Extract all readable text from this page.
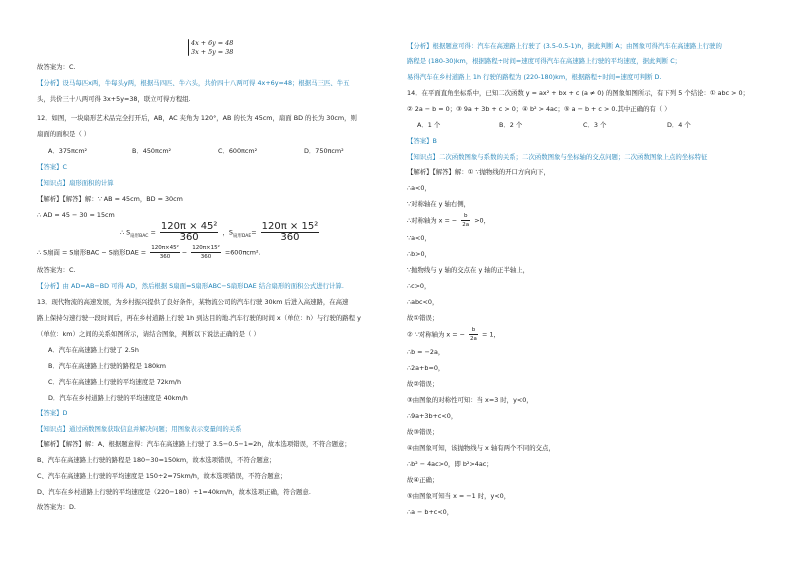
4x + 6y = 48
3x + 5y = 38
故答案为：C.
【分析】设马每匹x两，牛每头y两，根据马四匹、牛六头，共价四十八两可得 4x+6y=48；根据马三匹、牛五
头，共价三十八两可得 3x+5y=38，联立可得方程组.
12．如图，一块扇形艺术品完全打开后，AB，AC 夹角为 120°，AB 的长为 45cm，扇面 BD 的长为 30cm，则
扇面的面积是（ ）
A．375πcm²	B．450πcm²	C．600πcm²	D．750πcm²
【答案】C
【知识点】扇形面积的计算
【解析】【解答】解：∵ AB = 45cm，BD = 30cm
∴ AD = 45 − 30 = 15cm
∴ $S_{扇形BAC} = \frac{\text{120π × 45²}}{360}$ ，$S_{扇形DAE}= \frac{\text{120π × 15²}}{360}$
∴ S扇面 = S扇形BAC − S扇形DAE = $\frac{\text{120π×45²}}{360} - \frac{\text{120π×15²}}{360} =600\pi cm^2$.
故答案为：C.
【分析】由 AD=AB−BD 可得 AD，然后根据 S扇面=S扇形ABC−S扇形DAE 结合扇形的面积公式进行计算.
13．现代物流的高速发展，为乡村振兴提供了良好条件，某物流公司的汽车行驶 30km 后进入高速路，在高速
路上保持匀速行驶一段时间后，再在乡村道路上行驶 1h 到达目的地.汽车行驶的时间 x（单位：h）与行驶的路程 y
（单位：km）之间的关系如图所示，请结合图象，判断以下说法正确的是（ ）
A．汽车在高速路上行驶了 2.5h
B．汽车在高速路上行驶的路程是 180km
C．汽车在高速路上行驶的平均速度是 72km/h
D．汽车在乡村道路上行驶的平均速度是 40km/h
【答案】D
【知识点】通过函数图象获取信息并解决问题；用图象表示变量间的关系
【解析】【解答】解：A、根据题意得：汽车在高速路上行驶了 3.5−0.5−1=2h，故本选项错误，不符合题意；
B、汽车在高速路上行驶的路程是 180−30=150km，故本选项错误，不符合题意；
C、汽车在高速路上行驶的平均速度是 150÷2=75km/h，故本选项错误，不符合题意；
D、汽车在乡村道路上行驶的平均速度是（220−180）÷1=40km/h，故本选项正确，符合题意.
故答案为：D.
【分析】根据题意可得：汽车在高速路上行驶了 (3.5-0.5-1)h，据此判断 A；由图象可得汽车在高速路上行驶的
路程是 (180-30)km，根据路程÷时间=速度可得汽车在高速路上行驶的平均速度，据此判断 C；
易得汽车在乡村道路上 1h 行驶的路程为 (220-180)km，根据路程÷时间=速度可判断 D.
14．在平面直角坐标系中，已知二次函数 y = ax² + bx + c (a ≠ 0) 的图象如图所示，有下列 5 个结论：① abc > 0；
② 2a − b = 0；③ 9a + 3b + c > 0；④ b² > 4ac；⑤ a − b + c > 0.其中正确的有（ ）
A．1 个	B．2 个	C．3 个	D．4 个
【答案】B
【知识点】二次函数图象与系数的关系；二次函数图象与坐标轴的交点问题；二次函数图象上点的坐标特征
【解析】【解答】解：① ∵抛物线的开口方向向下，
∴a<0，
∵对称轴在 y 轴右侧，
∴对称轴为 x = − $\frac{b}{2a} >0$，
∵a<0，
∴b>0，
∵抛物线与 y 轴的交点在 y 轴的正半轴上，
∴c>0，
∴abc<0，
故①错误；
② ∵对称轴为 x = − $\frac{b}{2a} = 1$，
∴b = −2a，
∴2a+b=0，
故②错误；
③由图象的对称性可知：当 x=3 时，y<0，
∴9a+3b+c<0，
故③错误；
④由图象可知，该抛物线与 x 轴有两个不同的交点，
∴b² − 4ac>0，即 b²>4ac；
故④正确；
⑤由图象可知当 x = −1 时，y<0，
∴a − b+c<0，
